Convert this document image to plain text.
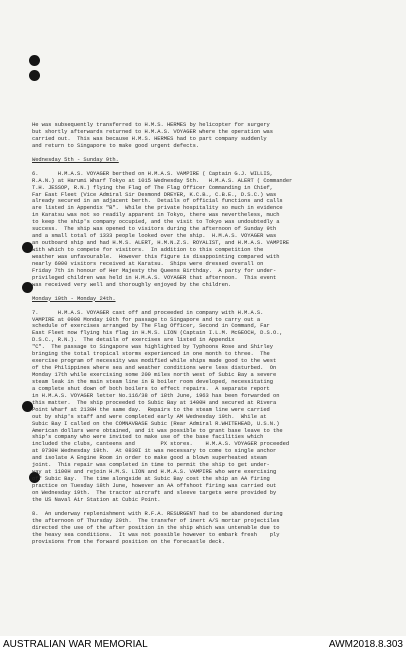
He was subsequently transferred to H.M.S. HERMES by helicopter for surgery
but shortly afterwards returned to H.M.A.S. VOYAGER where the operation was
carried out.  This was because H.M.S. HERMES had to part company suddenly
and return to Singapore to make good urgent defects.
Wednesday 5th - Sunday 9th.
6.      H.M.A.S. VOYAGER berthed on H.M.A.S. VAMPIRE ( Captain G.J. WILLIS,
R.A.N.) at Harumi Wharf Tokyo at 1015 Wednesday 5th.   H.M.A.S. ALERT ( Commander
T.H. JESSOP, R.N.) flying the Flag of The Flag Officer Commanding in Chief,
Far East Fleet (Vice Admiral Sir Desmond DREYER, K.C.B., C.B.E., D.S.C.) was
already secured in an adjacent berth.  Details of official functions and calls
are listed in Appendix "B".  While the private hospitality so much in evidence
in Karatsu was not so readily apparent in Tokyo, there was nevertheless, much
to keep the ship's company occupied, and the visit to Tokyo was undoubtedly a
success.  The ship was opened to visitors during the afternoon of Sunday 9th
and a small total of 1333 people looked over the ship.  H.M.A.S. VOYAGER was
an outboard ship and had H.M.S. ALERT, H.M.N.Z.S. ROYALIST, and H.M.A.S. VAMPIRE
with which to compete for visitors.  In addition to this competition the
weather was unfavourable.  However this figure is disappointing compared with
nearly 6000 visitors received at Karatsu.  Ships were dressed overall on
Friday 7th in honour of Her Majesty the Queens Birthday.  A party for under-
privileged children was held in H.M.A.S. VOYAGER that afternoon.  This event
was received very well and thoroughly enjoyed by the children.
Monday 10th - Monday 24th.
7.      H.M.A.S. VOYAGER cast off and proceeded in company with H.M.A.S.
VAMPIRE at 0900 Monday 10th for passage to Singapore and to carry out a
schedule of exercises arranged by The Flag Officer, Second in Command, Far
East Fleet now flying his flag in H.M.S. LION (Captain I.L.M. McGEOCH, D.S.O.,
D.S.C., R.N.).  The details of exercises are listed in Appendix
"C".  The passage to Singapore was highlighted by Typhoons Rose and Shirley
bringing the total tropical storms experienced in one month to three.  The
exercise program of necessity was modified while ships made good to the west
of the Philippines where sea and weather conditions were less disturbed.  On
Monday 17th while exercising some 200 miles north west of Subic Bay a severe
steam leak in the main steam line in B boiler room developed, necessitating
a complete shut down of both boilers to effect repairs.  A separate report
in H.M.A.S. VOYAGER letter No.116/38 of 18th June, 1963 has been forwarded on
this matter.  The ship proceeded to Subic Bay at 1400H and secured at Rivera
Point Wharf at 2130H the same day.  Repairs to the steam line were carried
out by ship's staff and were completed early AM Wednesday 19th.  While at
Subic Bay I called on the COMNAVBASE Subic (Rear Admiral R.WHITEHEAD, U.S.N.)
American dollars were obtained, and it was possible to grant base leave to the
ship's company who were invited to make use of the base facilities which
included the clubs, canteens and        PX stores.    H.M.A.S. VOYAGER proceeded
at 0730H Wednesday 19th.  At 0830I it was necessary to come to single anchor
and isolate A Engine Room in order to make good a blown superheated steam
joint.  This repair was completed in time to permit the ship to get under-
way at 1100H and rejoin H.M.S. LION and H.M.A.S. VAMPIRE who were exercising
off Subic Bay.  The time alongside at Subic Bay cost the ship an AA firing
practice on Tuesday 18th June, however an AA offshoot firing was carried out
on Wednesday 19th.  The tractor aircraft and sleeve targets were provided by
the US Naval Air Station at Cubic Point.
8.  An underway replenishment with R.F.A. RESURGENT had to be abandoned during
the afternoon of Thursday 20th.  The transfer of inert A/S mortar projectiles
directed the use of the after position in the ship which was untenable due to
the heavy sea conditions.  It was not possible however to embark fresh    ply
provisions from the forward position on the forecastle deck.
AUSTRALIAN WAR MEMORIAL	AWM2018.8.303
